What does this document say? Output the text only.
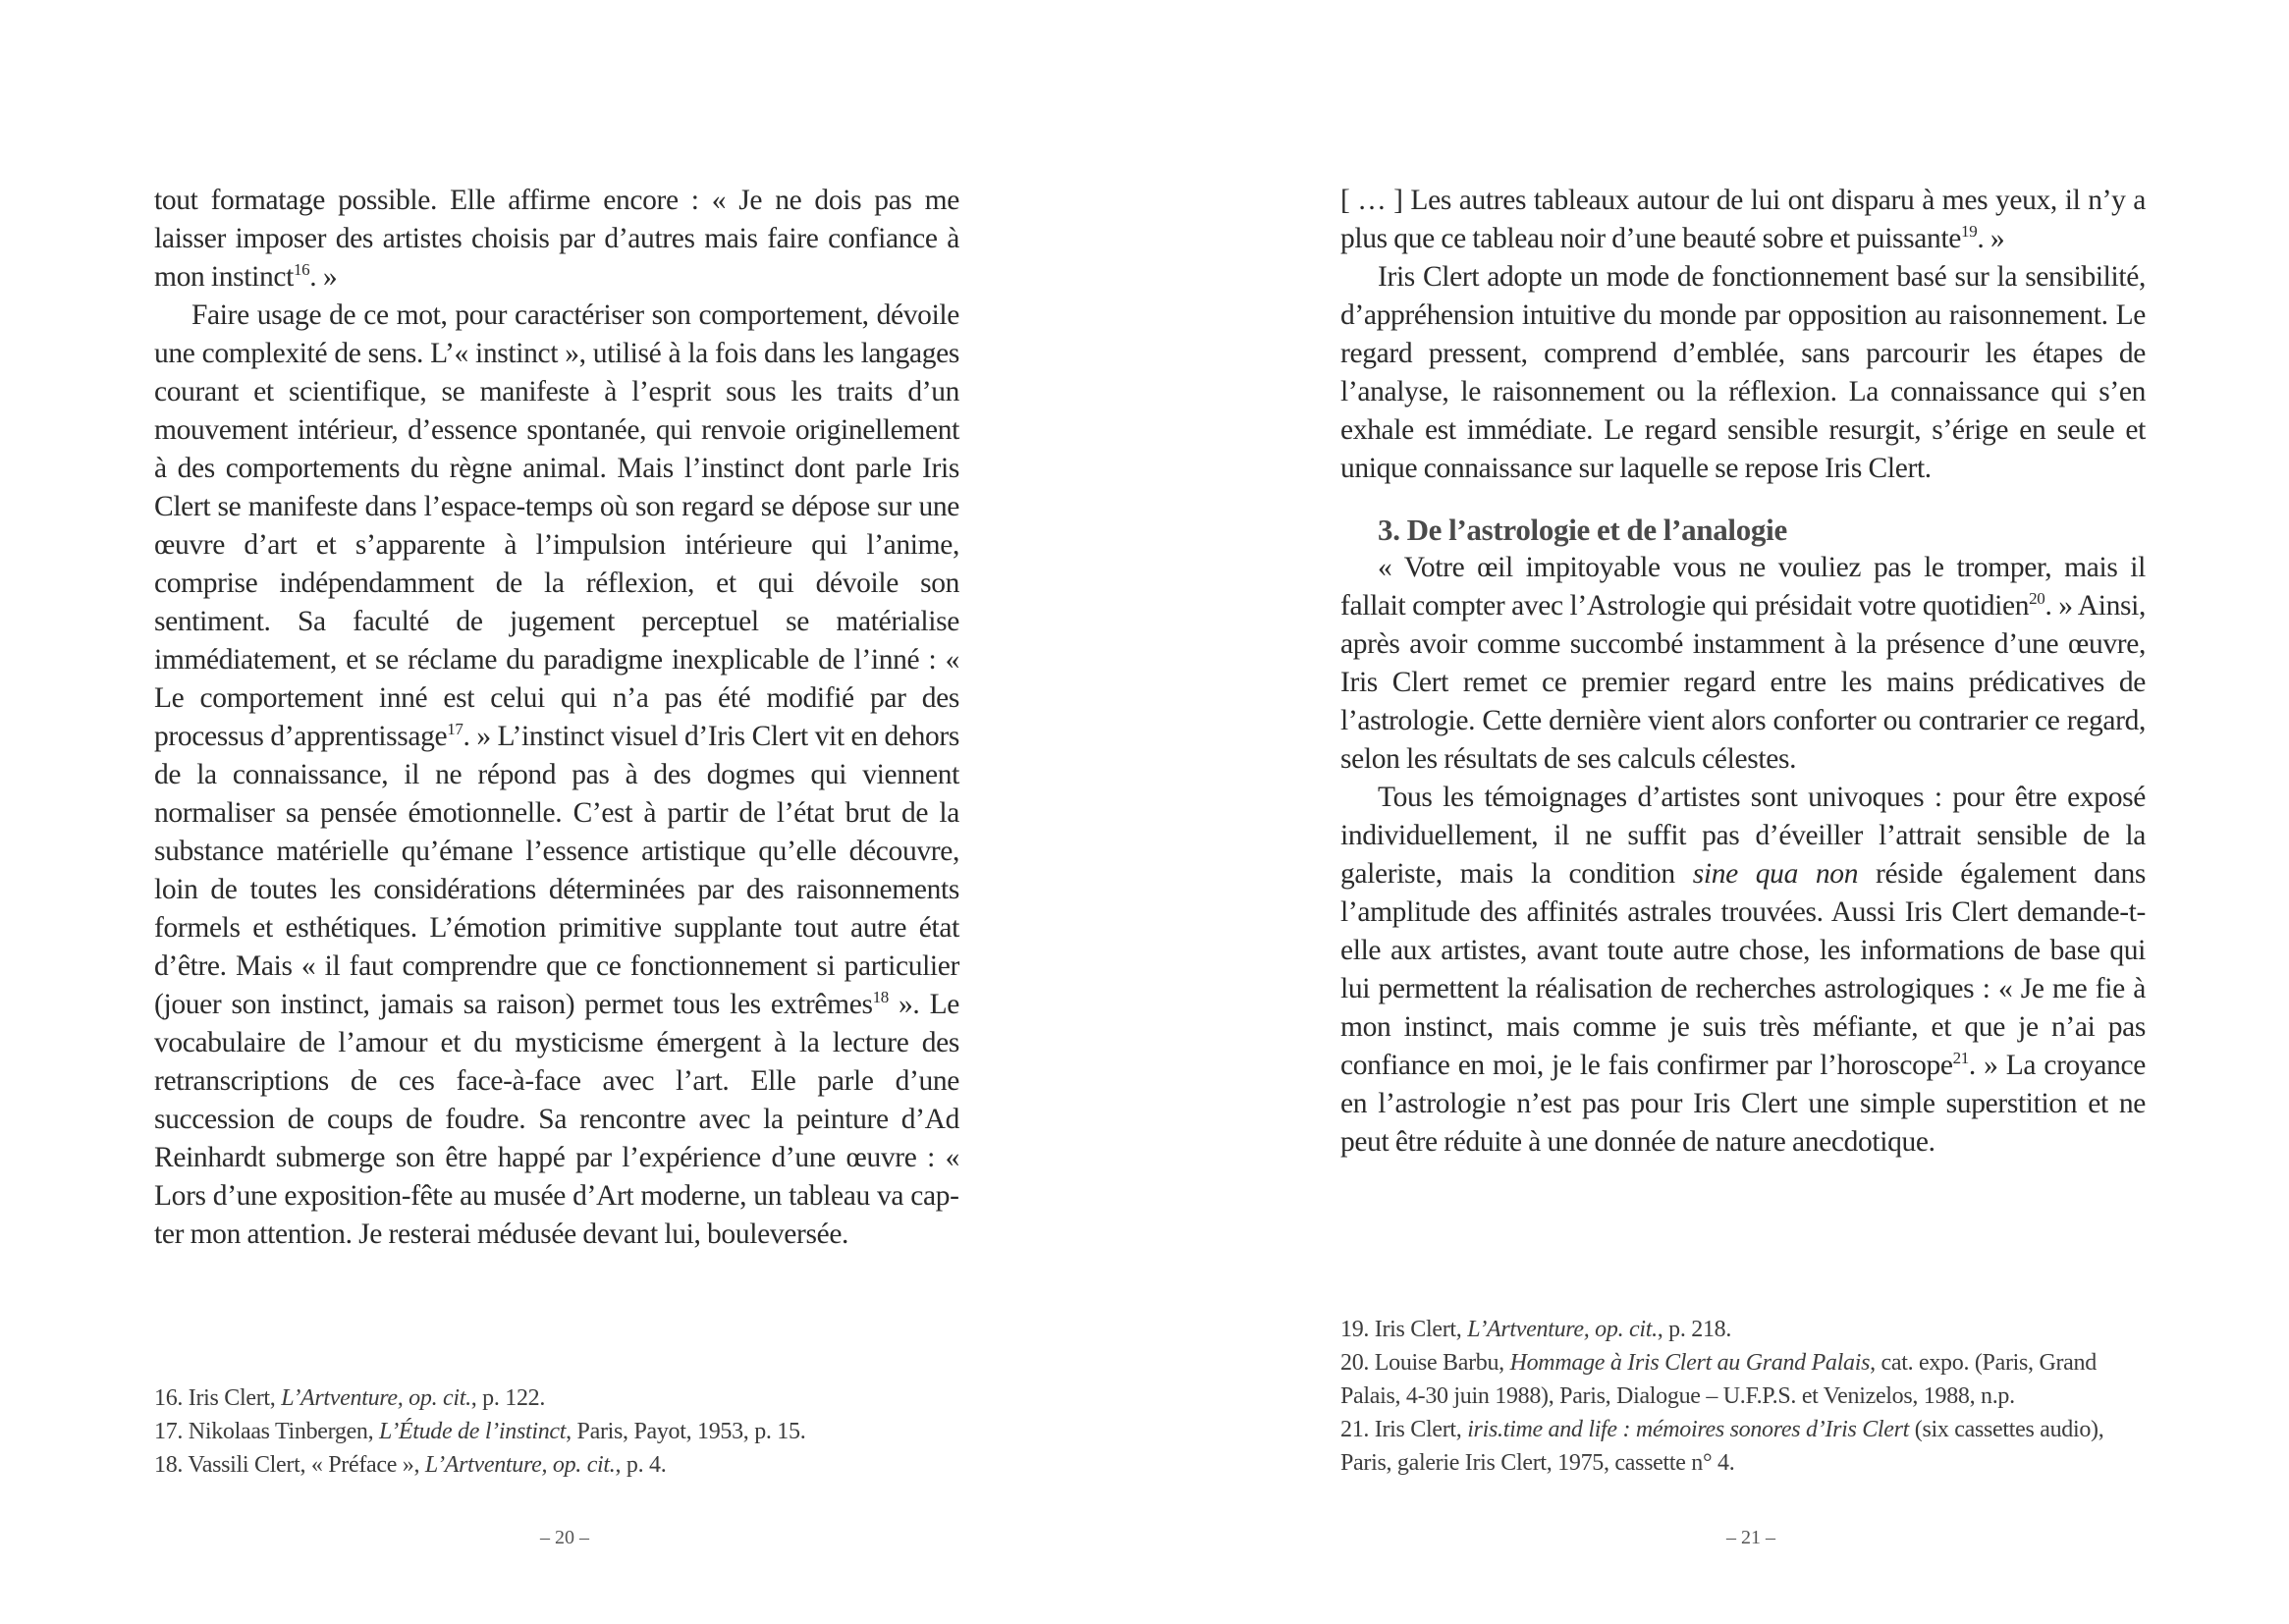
tout formatage possible. Elle affirme encore : « Je ne dois pas me laisser imposer des artistes choisis par d’autres mais faire confiance à mon instinct$^{16}$. »

Faire usage de ce mot, pour caractériser son comportement, dévoile une complexité de sens. L’« instinct », utilisé à la fois dans les langages courant et scientifique, se manifeste à l’esprit sous les traits d’un mouvement intérieur, d’essence spontanée, qui renvoie originellement à des comportements du règne animal. Mais l’instinct dont parle Iris Clert se manifeste dans l’espace-temps où son regard se dépose sur une œuvre d’art et s’apparente à l’impulsion intérieure qui l’anime, comprise indépendamment de la réflexion, et qui dévoile son sentiment. Sa faculté de jugement perceptuel se matérialise immédiatement, et se réclame du paradigme inexplicable de l’inné : « Le comportement inné est celui qui n’a pas été modifié par des processus d’apprentissage$^{17}$. » L’instinct visuel d’Iris Clert vit en dehors de la connaissance, il ne répond pas à des dogmes qui viennent normaliser sa pensée émotionnelle. C’est à partir de l’état brut de la substance matérielle qu’émane l’essence artistique qu’elle découvre, loin de toutes les considérations déterminées par des raisonnements formels et esthétiques. L’émotion primitive supplante tout autre état d’être. Mais « il faut comprendre que ce fonctionnement si particulier (jouer son instinct, jamais sa raison) permet tous les extrêmes$^{18}$ ». Le vocabulaire de l’amour et du mysticisme émergent à la lecture des retranscriptions de ces face-à-face avec l’art. Elle parle d’une succession de coups de foudre. Sa rencontre avec la peinture d’Ad Reinhardt submerge son être happé par l’expérience d’une œuvre : « Lors d’une exposition-fête au musée d’Art moderne, un tableau va capter mon attention. Je resterai médusée devant lui, bouleversée.

16. Iris Clert, L’Artventure, op. cit., p. 122.

17. Nikolaas Tinbergen, L’Étude de l’instinct, Paris, Payot, 1953, p. 15.

18. Vassili Clert, « Préface », L’Artventure, op. cit., p. 4.

– 20 –

[ … ] Les autres tableaux autour de lui ont disparu à mes yeux, il n’y a plus que ce tableau noir d’une beauté sobre et puissante$^{19}$. »

Iris Clert adopte un mode de fonctionnement basé sur la sensibilité, d’appréhension intuitive du monde par opposition au raisonnement. Le regard pressent, comprend d’emblée, sans parcourir les étapes de l’analyse, le raisonnement ou la réflexion. La connaissance qui s’en exhale est immédiate. Le regard sensible resurgit, s’érige en seule et unique connaissance sur laquelle se repose Iris Clert.

3. De l’astrologie et de l’analogie

« Votre œil impitoyable vous ne vouliez pas le tromper, mais il fallait compter avec l’Astrologie qui présidait votre quotidien$^{20}$. » Ainsi, après avoir comme succombé instamment à la présence d’une œuvre, Iris Clert remet ce premier regard entre les mains prédicatives de l’astrologie. Cette dernière vient alors conforter ou contrarier ce regard, selon les résultats de ses calculs célestes.

Tous les témoignages d’artistes sont univoques : pour être exposé individuellement, il ne suffit pas d’éveiller l’attrait sensible de la galeriste, mais la condition sine qua non réside également dans l’amplitude des affinités astrales trouvées. Aussi Iris Clert demande-t-elle aux artistes, avant toute autre chose, les informations de base qui lui permettent la réalisation de recherches astrologiques : « Je me fie à mon instinct, mais comme je suis très méfiante, et que je n’ai pas confiance en moi, je le fais confirmer par l’horoscope$^{21}$. » La croyance en l’astrologie n’est pas pour Iris Clert une simple superstition et ne peut être réduite à une donnée de nature anecdotique.

19. Iris Clert, L’Artventure, op. cit., p. 218.

20. Louise Barbu, Hommage à Iris Clert au Grand Palais, cat. expo. (Paris, Grand Palais, 4-30 juin 1988), Paris, Dialogue – U.F.P.S. et Venizelos, 1988, n.p.

21. Iris Clert, iris.time and life : mémoires sonores d’Iris Clert (six cassettes audio), Paris, galerie Iris Clert, 1975, cassette n° 4.

– 21 –
